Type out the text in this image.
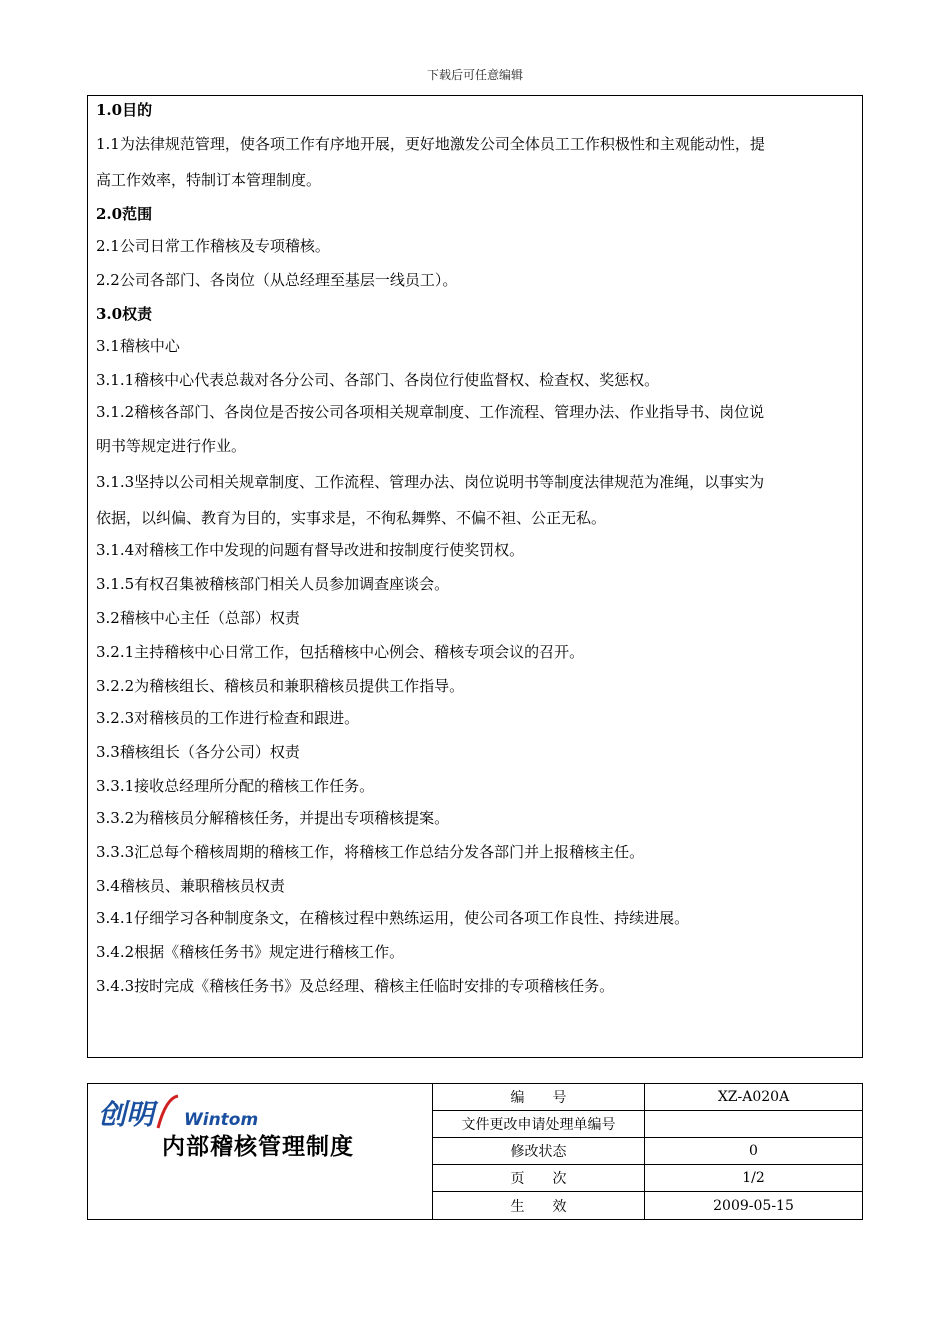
下载后可任意编辑
1.0目的
1.1为法律规范管理，使各项工作有序地开展，更好地激发公司全体员工工作积极性和主观能动性，提
高工作效率，特制订本管理制度。
2.0范围
2.1公司日常工作稽核及专项稽核。
2.2公司各部门、各岗位（从总经理至基层一线员工）。
3.0权责
3.1稽核中心
3.1.1稽核中心代表总裁对各分公司、各部门、各岗位行使监督权、检查权、奖惩权。
3.1.2稽核各部门、各岗位是否按公司各项相关规章制度、工作流程、管理办法、作业指导书、岗位说
明书等规定进行作业。
3.1.3坚持以公司相关规章制度、工作流程、管理办法、岗位说明书等制度法律规范为准绳，以事实为
依据，以纠偏、教育为目的，实事求是，不徇私舞弊、不偏不袒、公正无私。
3.1.4对稽核工作中发现的问题有督导改进和按制度行使奖罚权。
3.1.5有权召集被稽核部门相关人员参加调查座谈会。
3.2稽核中心主任（总部）权责
3.2.1主持稽核中心日常工作，包括稽核中心例会、稽核专项会议的召开。
3.2.2为稽核组长、稽核员和兼职稽核员提供工作指导。
3.2.3对稽核员的工作进行检查和跟进。
3.3稽核组长（各分公司）权责
3.3.1接收总经理所分配的稽核工作任务。
3.3.2为稽核员分解稽核任务，并提出专项稽核提案。
3.3.3汇总每个稽核周期的稽核工作，将稽核工作总结分发各部门并上报稽核主任。
3.4稽核员、兼职稽核员权责
3.4.1仔细学习各种制度条文，在稽核过程中熟练运用，使公司各项工作良性、持续进展。
3.4.2根据《稽核任务书》规定进行稽核工作。
3.4.3按时完成《稽核任务书》及总经理、稽核主任临时安排的专项稽核任务。
创明 Wintom
内部稽核管理制度
编　　号	XZ-A020A
文件更改申请处理单编号
修改状态	0
页　　次	1/2
生　　效	2009-05-15
